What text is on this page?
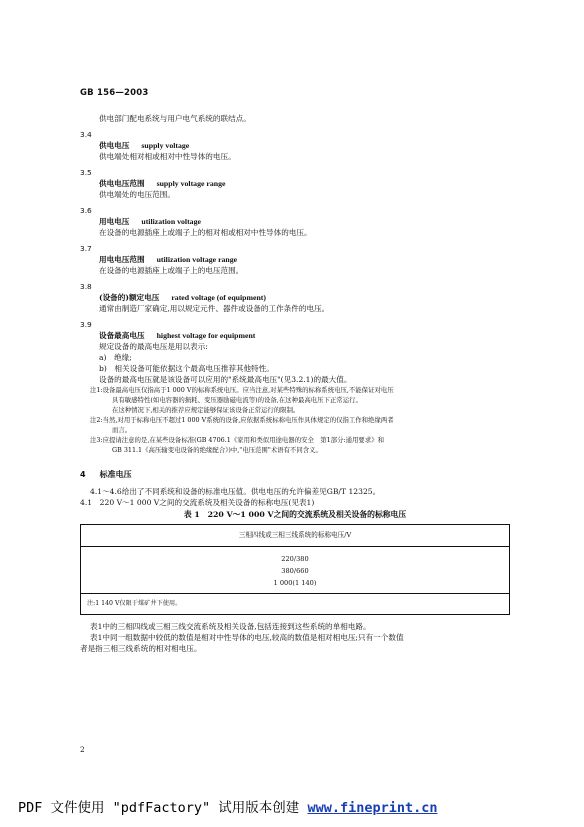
GB 156—2003
供电部门配电系统与用户电气系统的联结点。
3.4
供电电压 supply voltage
供电端处相对相或相对中性导体的电压。
3.5
供电电压范围 supply voltage range
供电端处的电压范围。
3.6
用电电压 utilization voltage
在设备的电源插座上或端子上的相对相或相对中性导体的电压。
3.7
用电电压范围 utilization voltage range
在设备的电源插座上或端子上的电压范围。
3.8
(设备的)额定电压 rated voltage (of equipment)
通常由制造厂家确定,用以规定元件、器件或设备的工作条件的电压。
3.9
设备最高电压 highest voltage for equipment
规定设备的最高电压是用以表示:
a)　绝缘;
b)　相关设备可能依据这个最高电压推荐其他特性。
设备的最高电压就是该设备可以应用的"系统最高电压"(见3.2.1)的最大值。
注1:设备最高电压仅指高于1 000 V的标称系统电压。应当注意,对某些特殊的标称系统电压,不能保证对电压
具有敏感特性(如电容器的损耗、变压器励磁电流等)的设备,在这种最高电压下正常运行。
在这种情况下,相关的推荐应规定能够保证该设备正常运行的限制。
注2:当然,对用于标称电压不超过1 000 V系统的设备,应依据系统标称电压作具体规定的仅指工作和绝缘两者
而言。
注3:应提请注意的是,在某些设备标准(GB 4706.1《家用和类似用途电器的安全　第1部分:通用要求》和
GB 311.1《高压输变电设备的绝缘配合》)中,"电压范围"术语有不同含义。
4 标准电压
4.1～4.6给出了不同系统和设备的标准电压值。供电电压的允许偏差见GB/T 12325。
4.1　220 V～1 000 V之间的交流系统及相关设备的标称电压(见表1)
表 1　220 V～1 000 V之间的交流系统及相关设备的标称电压
三相四线或三相三线系统的标称电压/V
220/380
380/660
1 000(1 140)
注:1 140 V仅限于煤矿井下使用。
表1中的三相四线或三相三线交流系统及相关设备,包括连接到这些系统的单相电路。
表1中同一组数据中较低的数值是相对中性导体的电压,较高的数值是相对相电压;只有一个数值
者是指三相三线系统的相对相电压。
2
PDF 文件使用 "pdfFactory" 试用版本创建 www.fineprint.cn
